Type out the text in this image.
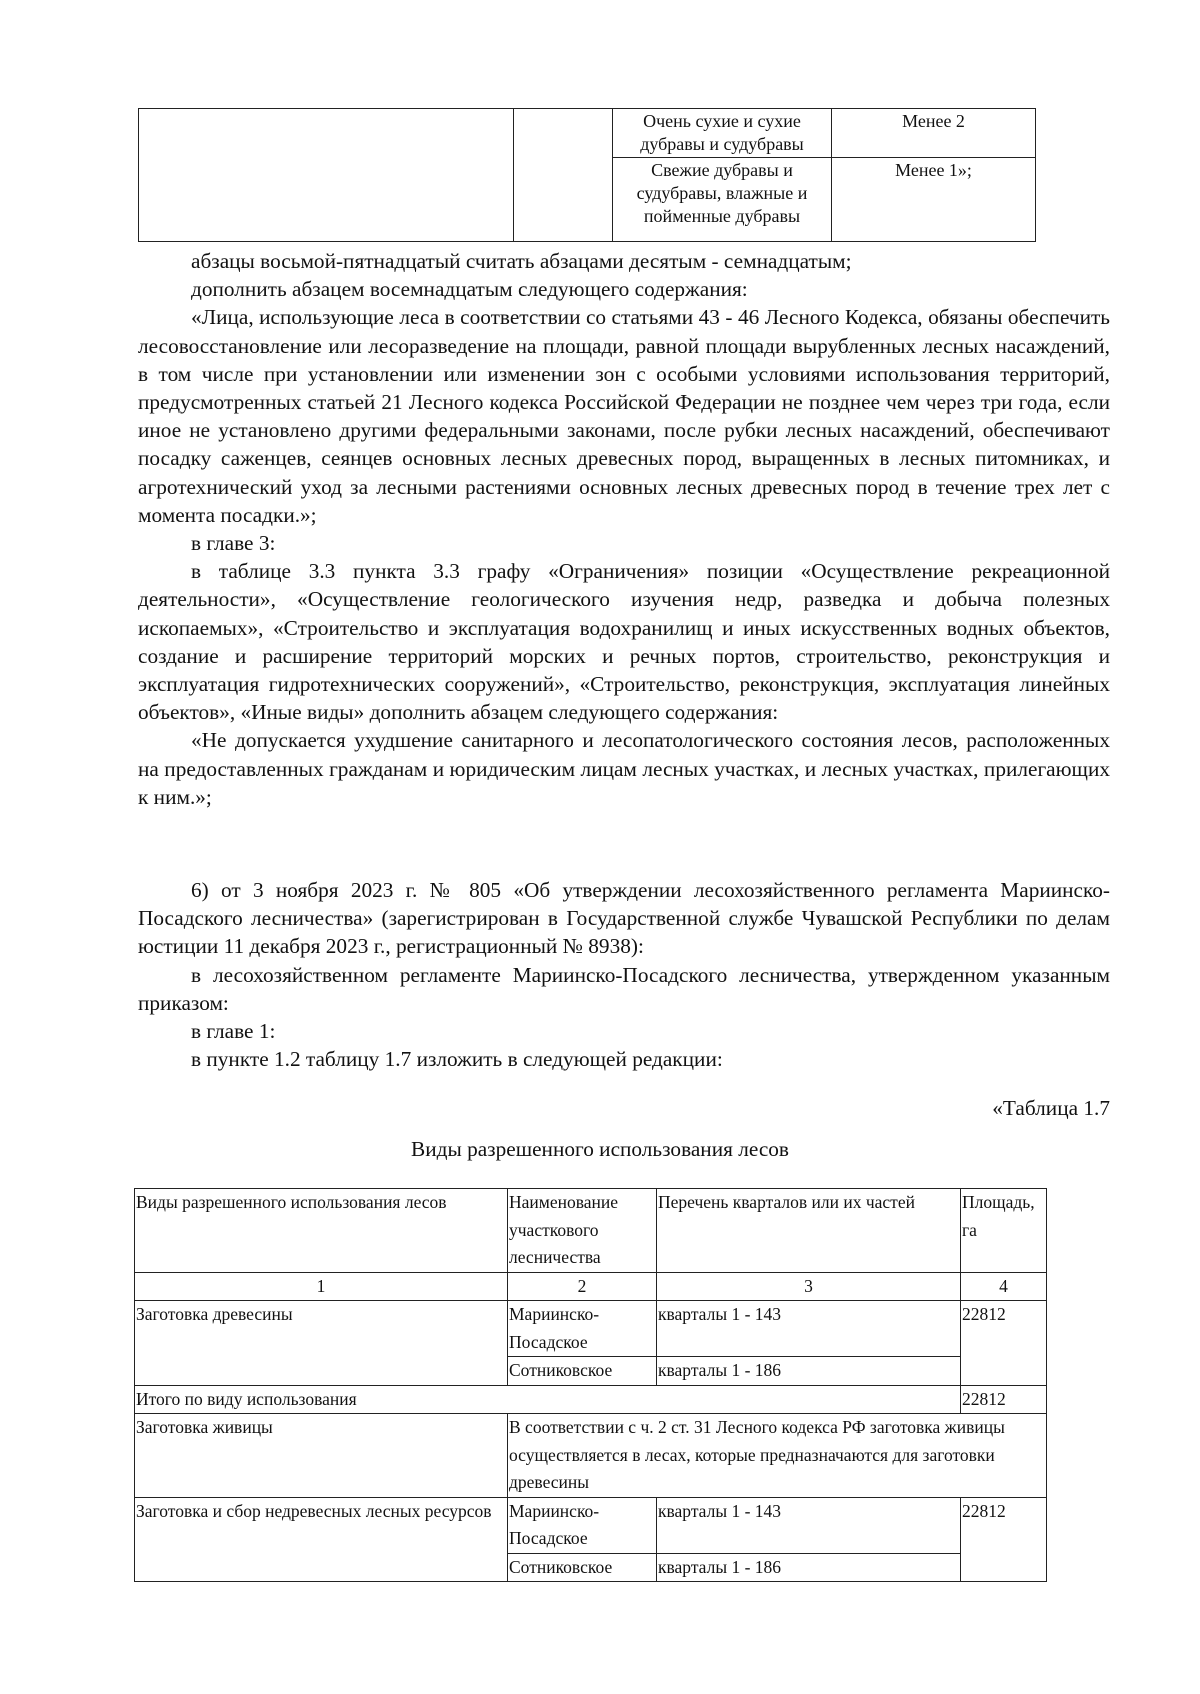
		Очень сухие и сухие дубравы и судубравы	Менее 2
		Свежие дубравы и судубравы, влажные и пойменные дубравы	Менее 1»;

абзацы восьмой-пятнадцатый считать абзацами десятым - семнадцатым;

дополнить абзацем восемнадцатым следующего содержания:

«Лица, использующие леса в соответствии со статьями 43 - 46 Лесного Кодекса, обязаны обеспечить лесовосстановление или лесоразведение на площади, равной площади вырубленных лесных насаждений, в том числе при установлении или изменении зон с особыми условиями использования территорий, предусмотренных статьей 21 Лесного кодекса Российской Федерации не позднее чем через три года, если иное не установлено другими федеральными законами, после рубки лесных насаждений, обеспечивают посадку саженцев, сеянцев основных лесных древесных пород, выращенных в лесных питомниках, и агротехнический уход за лесными растениями основных лесных древесных пород в течение трех лет с момента посадки.»;

в главе 3:

в таблице 3.3 пункта 3.3 графу «Ограничения» позиции «Осуществление рекреационной деятельности», «Осуществление геологического изучения недр, разведка и добыча полезных ископаемых», «Строительство и эксплуатация водохранилищ и иных искусственных водных объектов, создание и расширение территорий морских и речных портов, строительство, реконструкция и эксплуатация гидротехнических сооружений», «Строительство, реконструкция, эксплуатация линейных объектов», «Иные виды» дополнить абзацем следующего содержания:

«Не допускается ухудшение санитарного и лесопатологического состояния лесов, расположенных на предоставленных гражданам и юридическим лицам лесных участках, и лесных участках, прилегающих к ним.»;

6) от 3 ноября 2023 г. № 805 «Об утверждении лесохозяйственного регламента Мариинско-Посадского лесничества» (зарегистрирован в Государственной службе Чувашской Республики по делам юстиции 11 декабря 2023 г., регистрационный № 8938):

в лесохозяйственном регламенте Мариинско-Посадского лесничества, утвержденном указанным приказом:

в главе 1:

в пункте 1.2 таблицу 1.7 изложить в следующей редакции:

«Таблица 1.7
Виды разрешенного использования лесов
Виды разрешенного использования лесов	Наименование участкового лесничества	Перечень кварталов или их частей	Площадь, га
1	2	3	4
Заготовка древесины	Мариинско-Посадское	кварталы 1 - 143	22812
	Сотниковское	кварталы 1 - 186	
Итого по виду использования			22812
Заготовка живицы	В соответствии с ч. 2 ст. 31 Лесного кодекса РФ заготовка живицы осуществляется в лесах, которые предназначаются для заготовки древесины		
Заготовка и сбор недревесных лесных ресурсов	Мариинско-Посадское	кварталы 1 - 143	22812
	Сотниковское	кварталы 1 - 186	
